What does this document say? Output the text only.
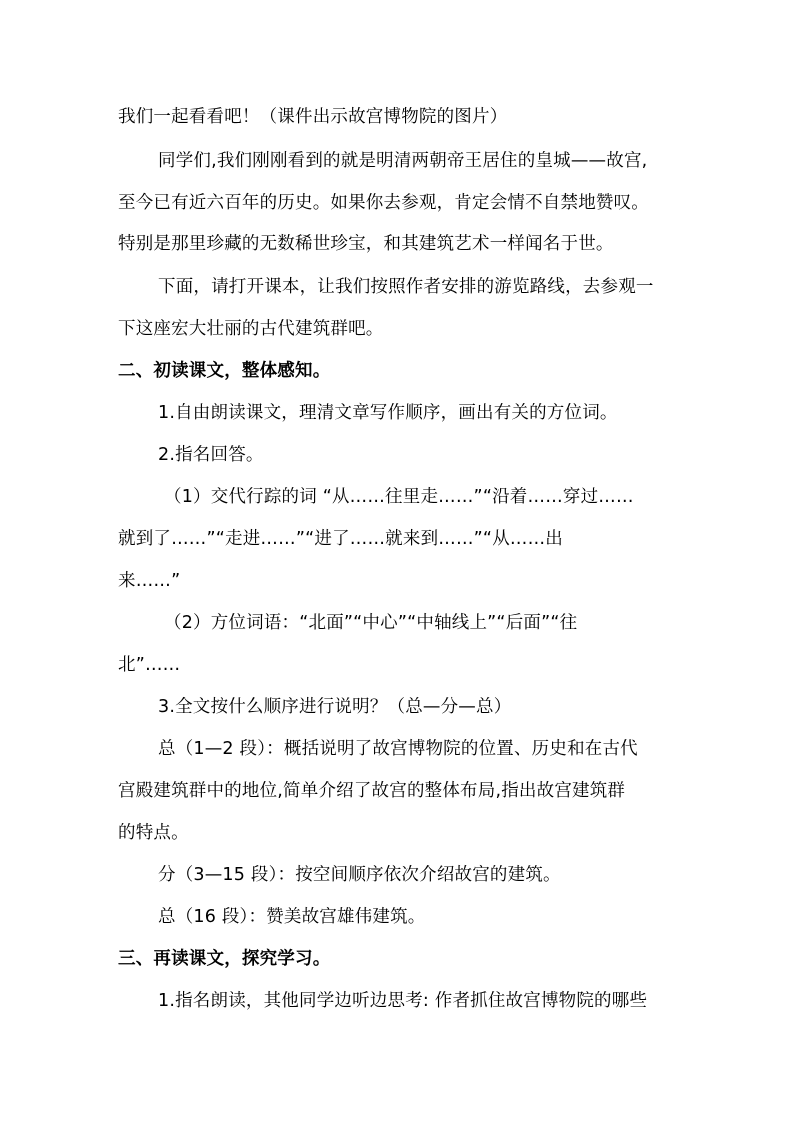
我们一起看看吧！（课件出示故宫博物院的图片）
同学们,我们刚刚看到的就是明清两朝帝王居住的皇城——故宫,
至今已有近六百年的历史。如果你去参观，肯定会情不自禁地赞叹。
特别是那里珍藏的无数稀世珍宝，和其建筑艺术一样闻名于世。
下面，请打开课本，让我们按照作者安排的游览路线，去参观一
下这座宏大壮丽的古代建筑群吧。
二、初读课文，整体感知。
1.自由朗读课文，理清文章写作顺序，画出有关的方位词。
2.指名回答。
（1）交代行踪的词 “从……往里走……”“沿着……穿过……
就到了……”“走进……”“进了……就来到……”“从……出
来……”
（2）方位词语：“北面”“中心”“中轴线上”“后面”“往
北”……
3.全文按什么顺序进行说明？（总—分—总）
总（1—2 段）：概括说明了故宫博物院的位置、历史和在古代
宫殿建筑群中的地位,简单介绍了故宫的整体布局,指出故宫建筑群
的特点。
分（3—15 段）：按空间顺序依次介绍故宫的建筑。
总（16 段）：赞美故宫雄伟建筑。
三、再读课文，探究学习。
1.指名朗读，其他同学边听边思考: 作者抓住故宫博物院的哪些
